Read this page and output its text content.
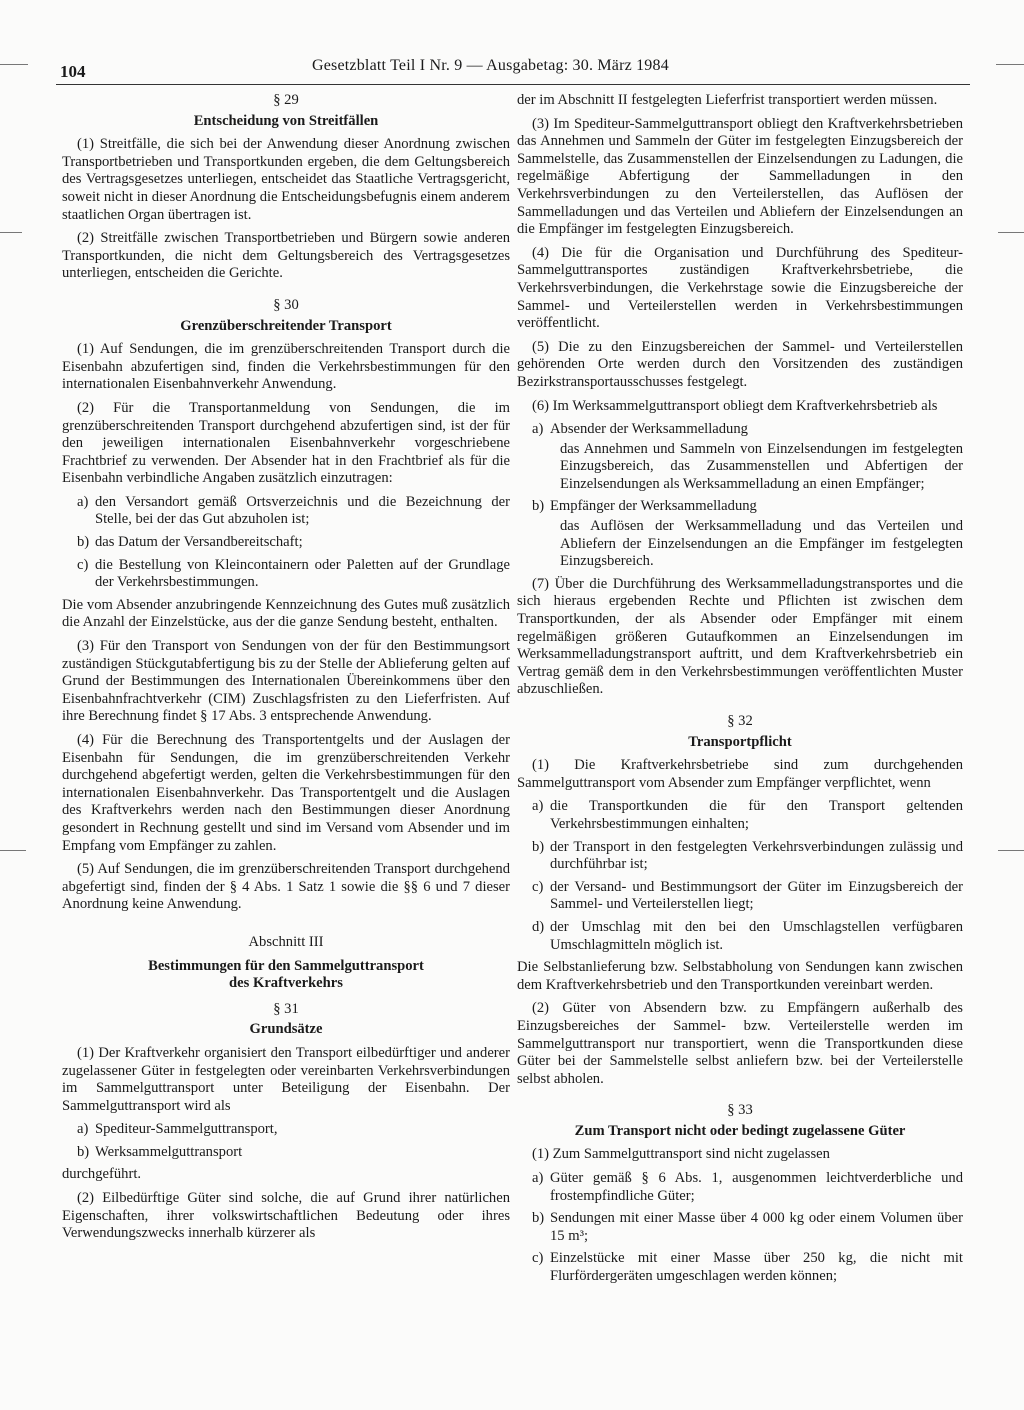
104	Gesetzblatt Teil I Nr. 9 — Ausgabetag: 30. März 1984
§ 29
Entscheidung von Streitfällen

(1) Streitfälle, die sich bei der Anwendung dieser Anordnung zwischen Transportbetrieben und Transportkunden ergeben, die dem Geltungsbereich des Vertragsgesetzes unterliegen, entscheidet das Staatliche Vertragsgericht, soweit nicht in dieser Anordnung die Entscheidungsbefugnis einem anderem staatlichen Organ übertragen ist.

(2) Streitfälle zwischen Transportbetrieben und Bürgern sowie anderen Transportkunden, die nicht dem Geltungsbereich des Vertragsgesetzes unterliegen, entscheiden die Gerichte.

§ 30
Grenzüberschreitender Transport

(1) Auf Sendungen, die im grenzüberschreitenden Transport durch die Eisenbahn abzufertigen sind, finden die Verkehrsbestimmungen für den internationalen Eisenbahnverkehr Anwendung.

(2) Für die Transportanmeldung von Sendungen, die im grenzüberschreitenden Transport durchgehend abzufertigen sind, ist der für den jeweiligen internationalen Eisenbahnverkehr vorgeschriebene Frachtbrief zu verwenden. Der Absender hat in den Frachtbrief als für die Eisenbahn verbindliche Angaben zusätzlich einzutragen:

a) den Versandort gemäß Ortsverzeichnis und die Bezeichnung der Stelle, bei der das Gut abzuholen ist;
b) das Datum der Versandbereitschaft;
c) die Bestellung von Kleincontainern oder Paletten auf der Grundlage der Verkehrsbestimmungen.

Die vom Absender anzubringende Kennzeichnung des Gutes muß zusätzlich die Anzahl der Einzelstücke, aus der die ganze Sendung besteht, enthalten.

(3) Für den Transport von Sendungen von der für den Bestimmungsort zuständigen Stückgutabfertigung bis zu der Stelle der Ablieferung gelten auf Grund der Bestimmungen des Internationalen Übereinkommens über den Eisenbahnfrachtverkehr (CIM) Zuschlagsfristen zu den Lieferfristen. Auf ihre Berechnung findet § 17 Abs. 3 entsprechende Anwendung.

(4) Für die Berechnung des Transportentgelts und der Auslagen der Eisenbahn für Sendungen, die im grenzüberschreitenden Verkehr durchgehend abgefertigt werden, gelten die Verkehrsbestimmungen für den internationalen Eisenbahnverkehr. Das Transportentgelt und die Auslagen des Kraftverkehrs werden nach den Bestimmungen dieser Anordnung gesondert in Rechnung gestellt und sind im Versand vom Absender und im Empfang vom Empfänger zu zahlen.

(5) Auf Sendungen, die im grenzüberschreitenden Transport durchgehend abgefertigt sind, finden der § 4 Abs. 1 Satz 1 sowie die §§ 6 und 7 dieser Anordnung keine Anwendung.

Abschnitt III
Bestimmungen für den Sammelguttransport
des Kraftverkehrs
§ 31
Grundsätze

(1) Der Kraftverkehr organisiert den Transport eilbedürftiger und anderer zugelassener Güter in festgelegten oder vereinbarten Verkehrsverbindungen im Sammelguttransport unter Beteiligung der Eisenbahn. Der Sammelguttransport wird als

a) Spediteur-Sammelguttransport,
b) Werksammelguttransport

durchgeführt.

(2) Eilbedürftige Güter sind solche, die auf Grund ihrer natürlichen Eigenschaften, ihrer volkswirtschaftlichen Bedeutung oder ihres Verwendungszwecks innerhalb kürzerer als

der im Abschnitt II festgelegten Lieferfrist transportiert werden müssen.

(3) Im Spediteur-Sammelguttransport obliegt den Kraftverkehrsbetrieben das Annehmen und Sammeln der Güter im festgelegten Einzugsbereich der Sammelstelle, das Zusammenstellen der Einzelsendungen zu Ladungen, die regelmäßige Abfertigung der Sammelladungen in den Verkehrsverbindungen zu den Verteilerstellen, das Auflösen der Sammelladungen und das Verteilen und Abliefern der Einzelsendungen an die Empfänger im festgelegten Einzugsbereich.

(4) Die für die Organisation und Durchführung des Spediteur-Sammelguttransportes zuständigen Kraftverkehrsbetriebe, die Verkehrsverbindungen, die Verkehrstage sowie die Einzugsbereiche der Sammel- und Verteilerstellen werden in Verkehrsbestimmungen veröffentlicht.

(5) Die zu den Einzugsbereichen der Sammel- und Verteilerstellen gehörenden Orte werden durch den Vorsitzenden des zuständigen Bezirkstransportausschusses festgelegt.

(6) Im Werksammelguttransport obliegt dem Kraftverkehrsbetrieb als

a) Absender der Werksammelladung
das Annehmen und Sammeln von Einzelsendungen im festgelegten Einzugsbereich, das Zusammenstellen und Abfertigen der Einzelsendungen als Werksammelladung an einen Empfänger;
b) Empfänger der Werksammelladung
das Auflösen der Werksammelladung und das Verteilen und Abliefern der Einzelsendungen an die Empfänger im festgelegten Einzugsbereich.

(7) Über die Durchführung des Werksammelladungstransportes und die sich hieraus ergebenden Rechte und Pflichten ist zwischen dem Transportkunden, der als Absender oder Empfänger mit einem regelmäßigen größeren Gutaufkommen an Einzelsendungen im Werksammelladungstransport auftritt, und dem Kraftverkehrsbetrieb ein Vertrag gemäß dem in den Verkehrsbestimmungen veröffentlichten Muster abzuschließen.

§ 32
Transportpflicht

(1) Die Kraftverkehrsbetriebe sind zum durchgehenden Sammelguttransport vom Absender zum Empfänger verpflichtet, wenn

a) die Transportkunden die für den Transport geltenden Verkehrsbestimmungen einhalten;
b) der Transport in den festgelegten Verkehrsverbindungen zulässig und durchführbar ist;
c) der Versand- und Bestimmungsort der Güter im Einzugsbereich der Sammel- und Verteilerstellen liegt;
d) der Umschlag mit den bei den Umschlagstellen verfügbaren Umschlagmitteln möglich ist.

Die Selbstanlieferung bzw. Selbstabholung von Sendungen kann zwischen dem Kraftverkehrsbetrieb und den Transportkunden vereinbart werden.

(2) Güter von Absendern bzw. zu Empfängern außerhalb des Einzugsbereiches der Sammel- bzw. Verteilerstelle werden im Sammelguttransport nur transportiert, wenn die Transportkunden diese Güter bei der Sammelstelle selbst anliefern bzw. bei der Verteilerstelle selbst abholen.

§ 33
Zum Transport nicht oder bedingt zugelassene Güter

(1) Zum Sammelguttransport sind nicht zugelassen

a) Güter gemäß § 6 Abs. 1, ausgenommen leichtverderbliche und frostempfindliche Güter;
b) Sendungen mit einer Masse über 4 000 kg oder einem Volumen über 15 m³;
c) Einzelstücke mit einer Masse über 250 kg, die nicht mit Flurfördergeräten umgeschlagen werden können;
